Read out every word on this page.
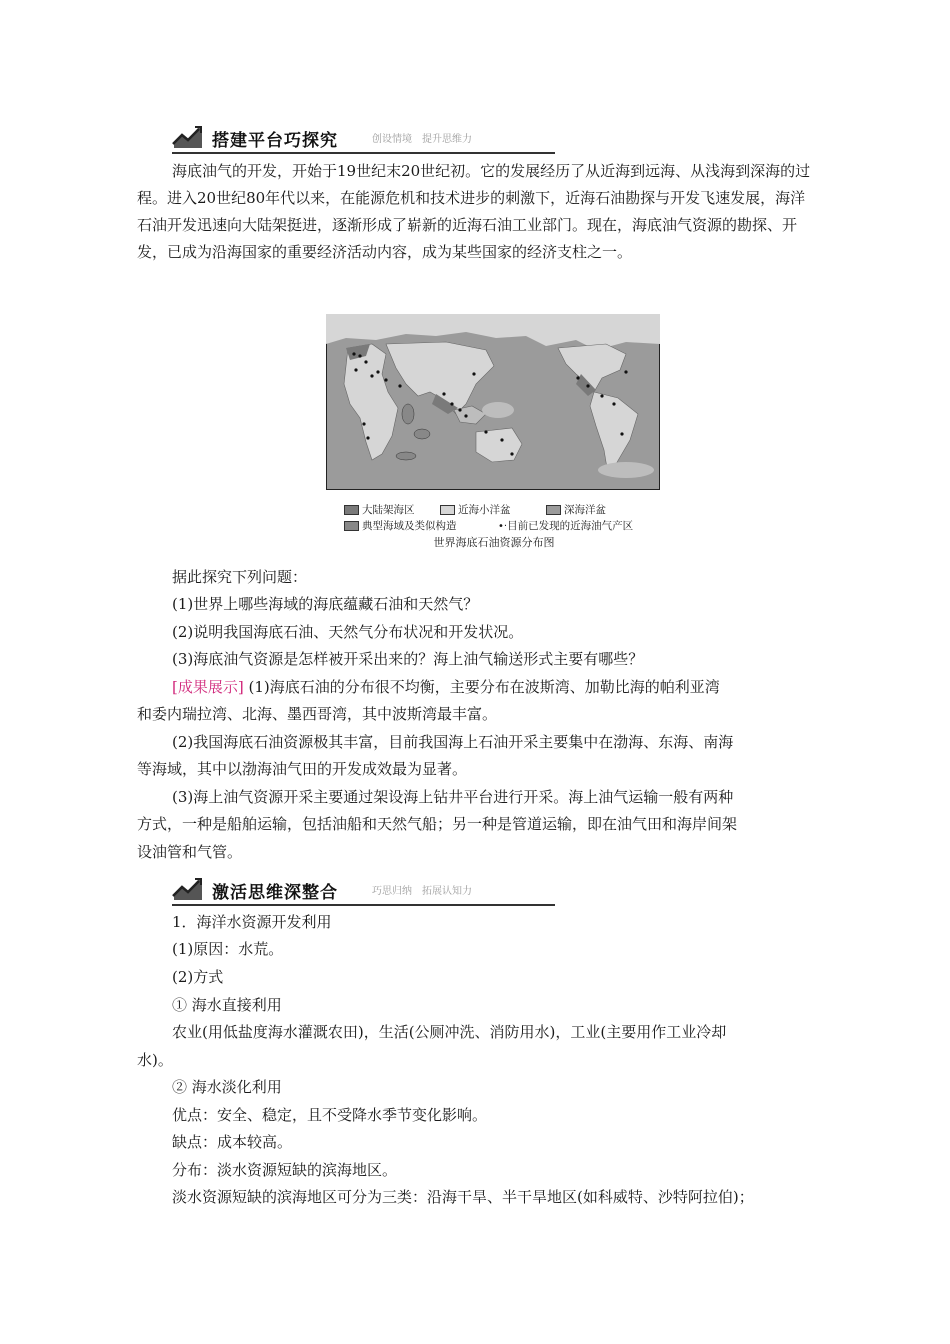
搭建平台巧探究	创设情境　提升思维力
海底油气的开发，开始于19世纪末20世纪初。它的发展经历了从近海到远海、从浅海到深海的过程。进入20世纪80年代以来，在能源危机和技术进步的刺激下，近海石油勘探与开发飞速发展，海洋石油开发迅速向大陆架挺进，逐渐形成了崭新的近海石油工业部门。现在，海底油气资源的勘探、开发，已成为沿海国家的重要经济活动内容，成为某些国家的经济支柱之一。
大陆架海区	近海小洋盆	深海洋盆
典型海域及类似构造	•·目前已发现的近海油气产区
世界海底石油资源分布图
据此探究下列问题：
(1)世界上哪些海域的海底蕴藏石油和天然气？
(2)说明我国海底石油、天然气分布状况和开发状况。
(3)海底油气资源是怎样被开采出来的？海上油气输送形式主要有哪些？
[成果展示] (1)海底石油的分布很不均衡，主要分布在波斯湾、加勒比海的帕利亚湾
和委内瑞拉湾、北海、墨西哥湾，其中波斯湾最丰富。
(2)我国海底石油资源极其丰富，目前我国海上石油开采主要集中在渤海、东海、南海
等海域，其中以渤海油气田的开发成效最为显著。
(3)海上油气资源开采主要通过架设海上钻井平台进行开采。海上油气运输一般有两种
方式，一种是船舶运输，包括油船和天然气船；另一种是管道运输，即在油气田和海岸间架
设油管和气管。
激活思维深整合	巧思归纳　拓展认知力
1．海洋水资源开发利用
(1)原因：水荒。
(2)方式
① 海水直接利用
农业(用低盐度海水灌溉农田)，生活(公厕冲洗、消防用水)，工业(主要用作工业冷却
水)。
② 海水淡化利用
优点：安全、稳定，且不受降水季节变化影响。
缺点：成本较高。
分布：淡水资源短缺的滨海地区。
淡水资源短缺的滨海地区可分为三类：沿海干旱、半干旱地区(如科威特、沙特阿拉伯)；
